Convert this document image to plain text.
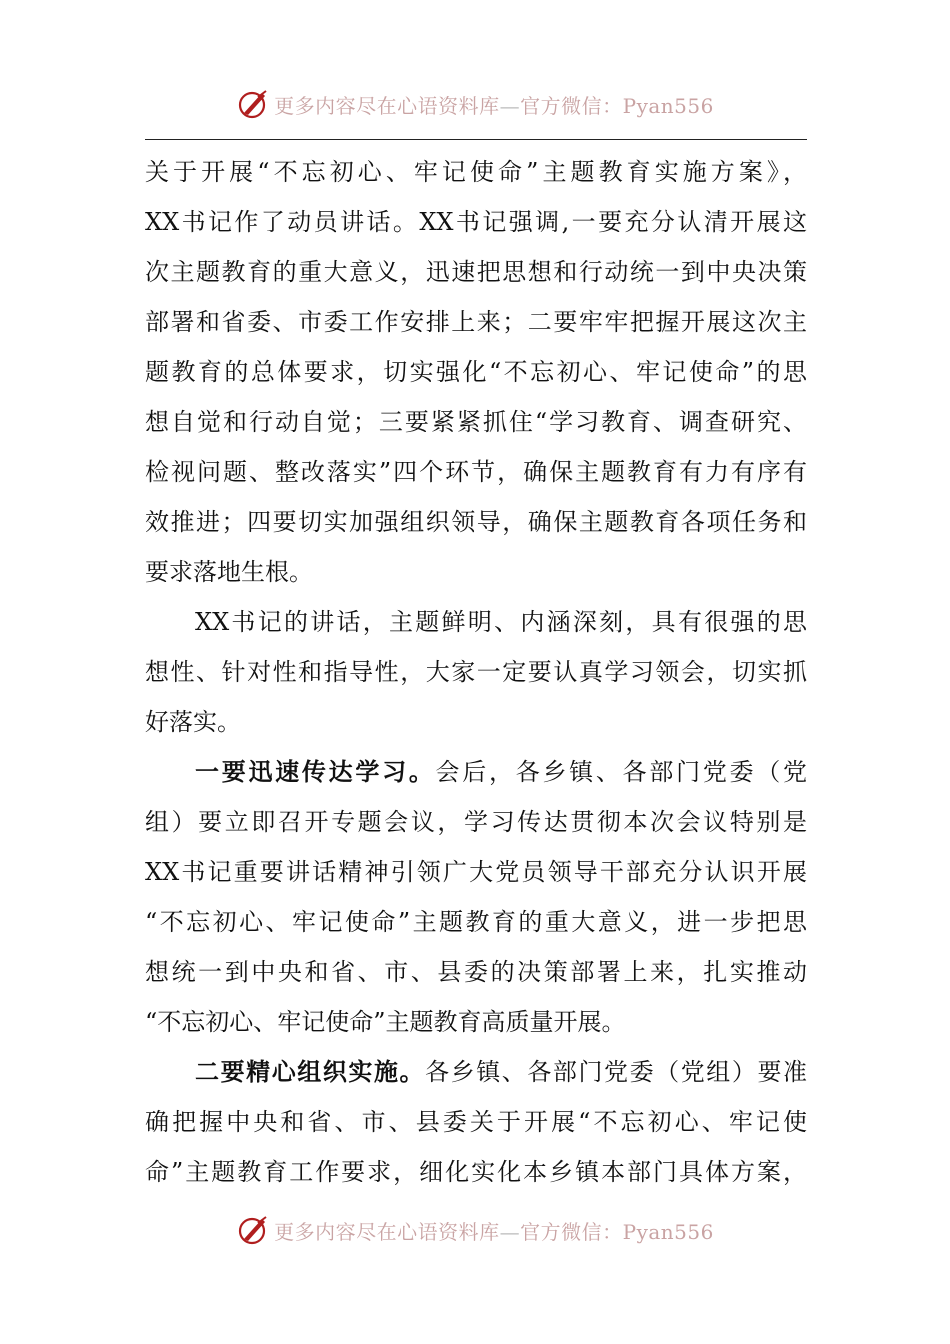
更多内容尽在心语资料库—官方微信：Pyan556
关于开展“不忘初心、牢记使命”主题教育实施方案》，
XX书记作了动员讲话。XX书记强调,一要充分认清开展这
次主题教育的重大意义，迅速把思想和行动统一到中央决策
部署和省委、市委工作安排上来；二要牢牢把握开展这次主
题教育的总体要求，切实强化“不忘初心、牢记使命”的思
想自觉和行动自觉；三要紧紧抓住“学习教育、调查研究、
检视问题、整改落实”四个环节，确保主题教育有力有序有
效推进；四要切实加强组织领导，确保主题教育各项任务和
要求落地生根。
XX书记的讲话，主题鲜明、内涵深刻，具有很强的思
想性、针对性和指导性，大家一定要认真学习领会，切实抓
好落实。
一要迅速传达学习。会后，各乡镇、各部门党委（党
组）要立即召开专题会议，学习传达贯彻本次会议特别是
XX书记重要讲话精神引领广大党员领导干部充分认识开展
“不忘初心、牢记使命”主题教育的重大意义，进一步把思
想统一到中央和省、市、县委的决策部署上来，扎实推动
“不忘初心、牢记使命”主题教育高质量开展。
二要精心组织实施。各乡镇、各部门党委（党组）要准
确把握中央和省、市、县委关于开展“不忘初心、牢记使
命”主题教育工作要求，细化实化本乡镇本部门具体方案，
更多内容尽在心语资料库—官方微信：Pyan556
